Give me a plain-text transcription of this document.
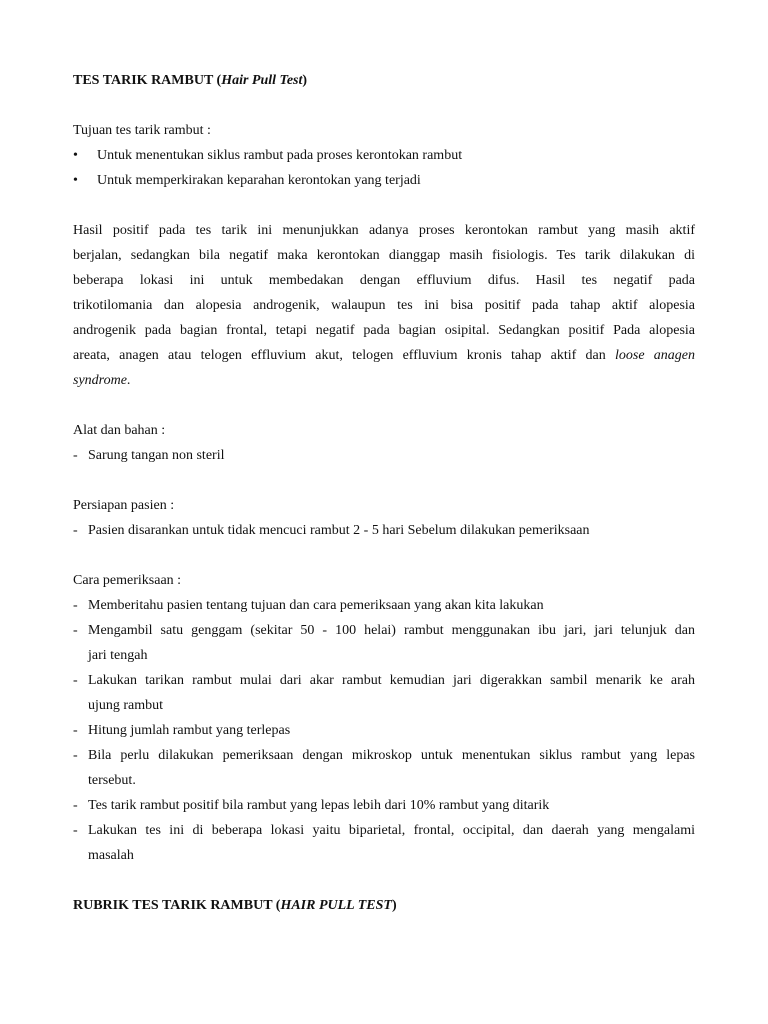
TES TARIK RAMBUT (Hair Pull Test)
Tujuan tes tarik rambut :
• Untuk menentukan siklus rambut pada proses kerontokan rambut
• Untuk memperkirakan keparahan kerontokan yang terjadi
Hasil positif pada tes tarik ini menunjukkan adanya proses kerontokan rambut yang masih aktif
berjalan, sedangkan bila negatif maka kerontokan dianggap masih fisiologis. Tes tarik dilakukan di
beberapa lokasi ini untuk membedakan dengan effluvium difus. Hasil tes negatif pada
trikotilomania dan alopesia androgenik, walaupun tes ini bisa positif pada tahap aktif alopesia
androgenik pada bagian frontal, tetapi negatif pada bagian osipital. Sedangkan positif Pada alopesia
areata, anagen atau telogen effluvium akut, telogen effluvium kronis tahap aktif dan loose anagen
syndrome.
Alat dan bahan :
- Sarung tangan non steril
Persiapan pasien :
- Pasien disarankan untuk tidak mencuci rambut 2 - 5 hari Sebelum dilakukan pemeriksaan
Cara pemeriksaan :
- Memberitahu pasien tentang tujuan dan cara pemeriksaan yang akan kita lakukan
- Mengambil satu genggam (sekitar 50 - 100 helai) rambut menggunakan ibu jari, jari telunjuk dan
jari tengah
- Lakukan tarikan rambut mulai dari akar rambut kemudian jari digerakkan sambil menarik ke arah
ujung rambut
- Hitung jumlah rambut yang terlepas
- Bila perlu dilakukan pemeriksaan dengan mikroskop untuk menentukan siklus rambut yang lepas
tersebut.
- Tes tarik rambut positif bila rambut yang lepas lebih dari 10% rambut yang ditarik
- Lakukan tes ini di beberapa lokasi yaitu biparietal, frontal, occipital, dan daerah yang mengalami
masalah
RUBRIK TES TARIK RAMBUT (HAIR PULL TEST)
